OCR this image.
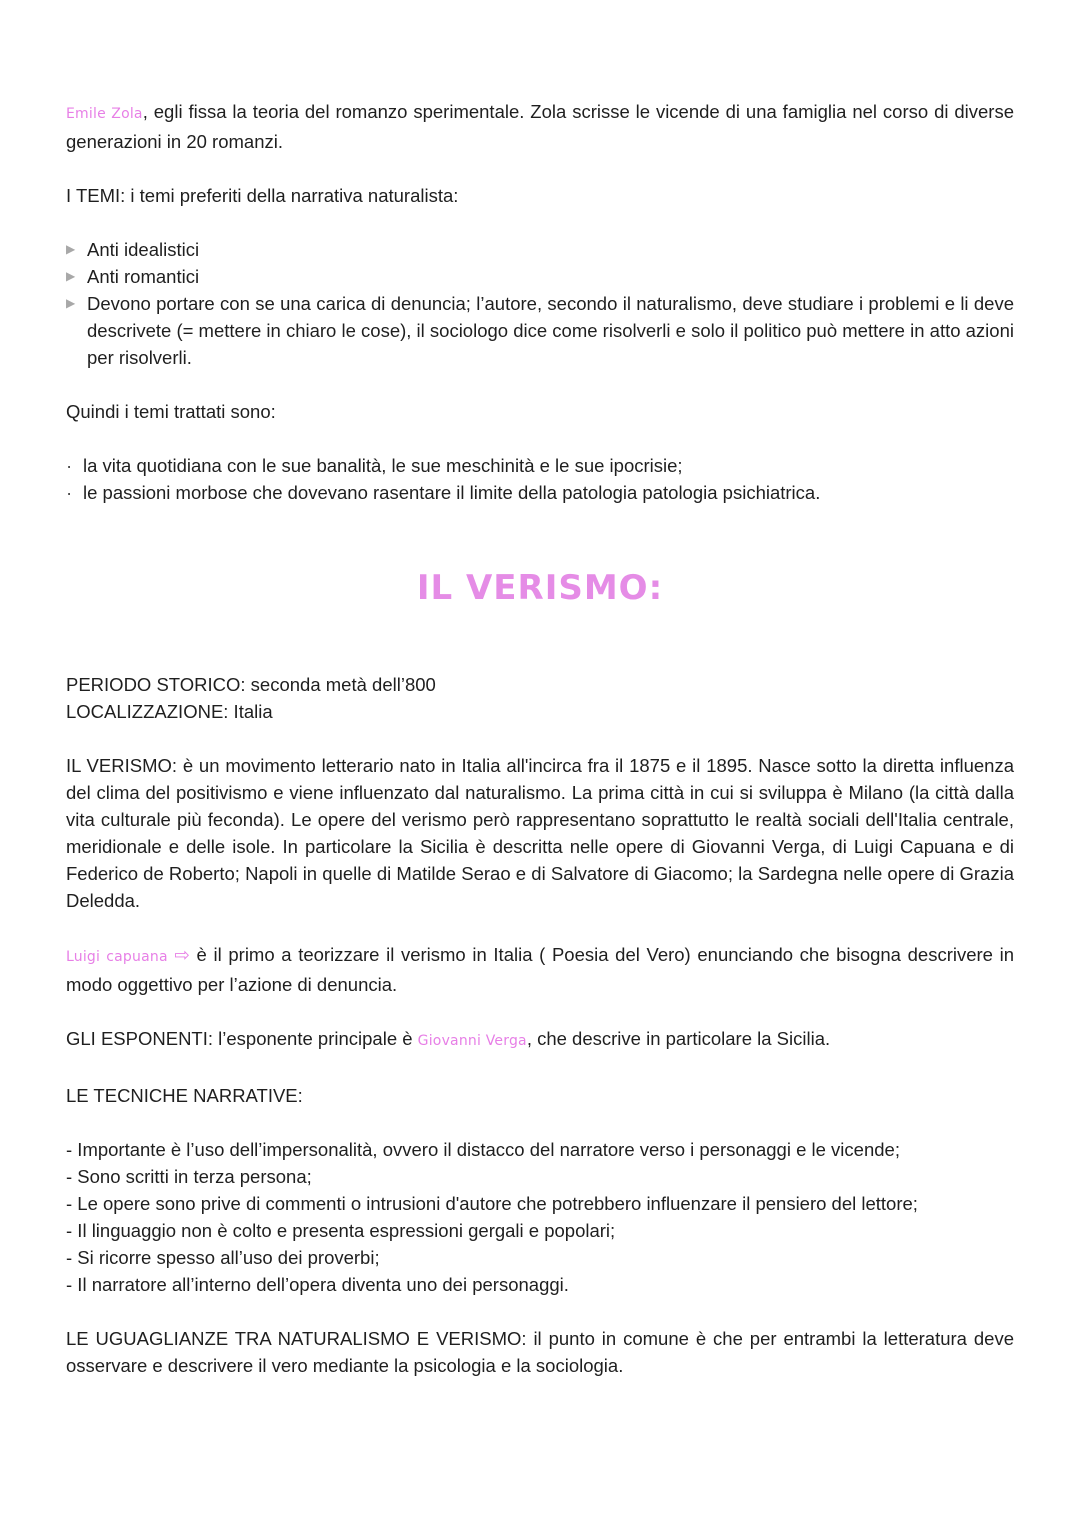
Emile Zola, egli fissa la teoria del romanzo sperimentale. Zola scrisse le vicende di una famiglia nel corso di diverse generazioni in 20 romanzi.

I TEMI: i temi preferiti della narrativa naturalista:

▶ Anti idealistici
▶ Anti romantici
▶ Devono portare con se una carica di denuncia; l’autore, secondo il naturalismo, deve studiare i problemi e li deve descrivete (= mettere in chiaro le cose), il sociologo dice come risolverli e solo il politico può mettere in atto azioni per risolverli.

Quindi i temi trattati sono:

· la vita quotidiana con le sue banalità, le sue meschinità e le sue ipocrisie;
· le passioni morbose che dovevano rasentare il limite della patologia patologia psichiatrica.

IL VERISMO:

PERIODO STORICO: seconda metà dell’800

LOCALIZZAZIONE: Italia

IL VERISMO: è un movimento letterario nato in Italia all'incirca fra il 1875 e il 1895. Nasce sotto la diretta influenza del clima del positivismo e viene influenzato dal naturalismo. La prima città in cui si sviluppa è Milano (la città dalla vita culturale più feconda). Le opere del verismo però rappresentano soprattutto le realtà sociali dell'Italia centrale, meridionale e delle isole. In particolare la Sicilia è descritta nelle opere di Giovanni Verga, di Luigi Capuana e di Federico de Roberto; Napoli in quelle di Matilde Serao e di Salvatore di Giacomo; la Sardegna nelle opere di Grazia Deledda.

Luigi capuana ⇨ è il primo a teorizzare il verismo in Italia ( Poesia del Vero) enunciando che bisogna descrivere in modo oggettivo per l’azione di denuncia.

GLI ESPONENTI: l’esponente principale è Giovanni Verga, che descrive in particolare la Sicilia.

LE TECNICHE NARRATIVE:

- Importante è l’uso dell’impersonalità, ovvero il distacco del narratore verso i personaggi e le vicende;
- Sono scritti in terza persona;
- Le opere sono prive di commenti o intrusioni d'autore che potrebbero influenzare il pensiero del lettore;
- Il linguaggio non è colto e presenta espressioni gergali e popolari;
- Si ricorre spesso all’uso dei proverbi;
- Il narratore all’interno dell’opera diventa uno dei personaggi.

LE UGUAGLIANZE TRA NATURALISMO E VERISMO: il punto in comune è che per entrambi la letteratura deve osservare e descrivere il vero mediante la psicologia e la sociologia.
